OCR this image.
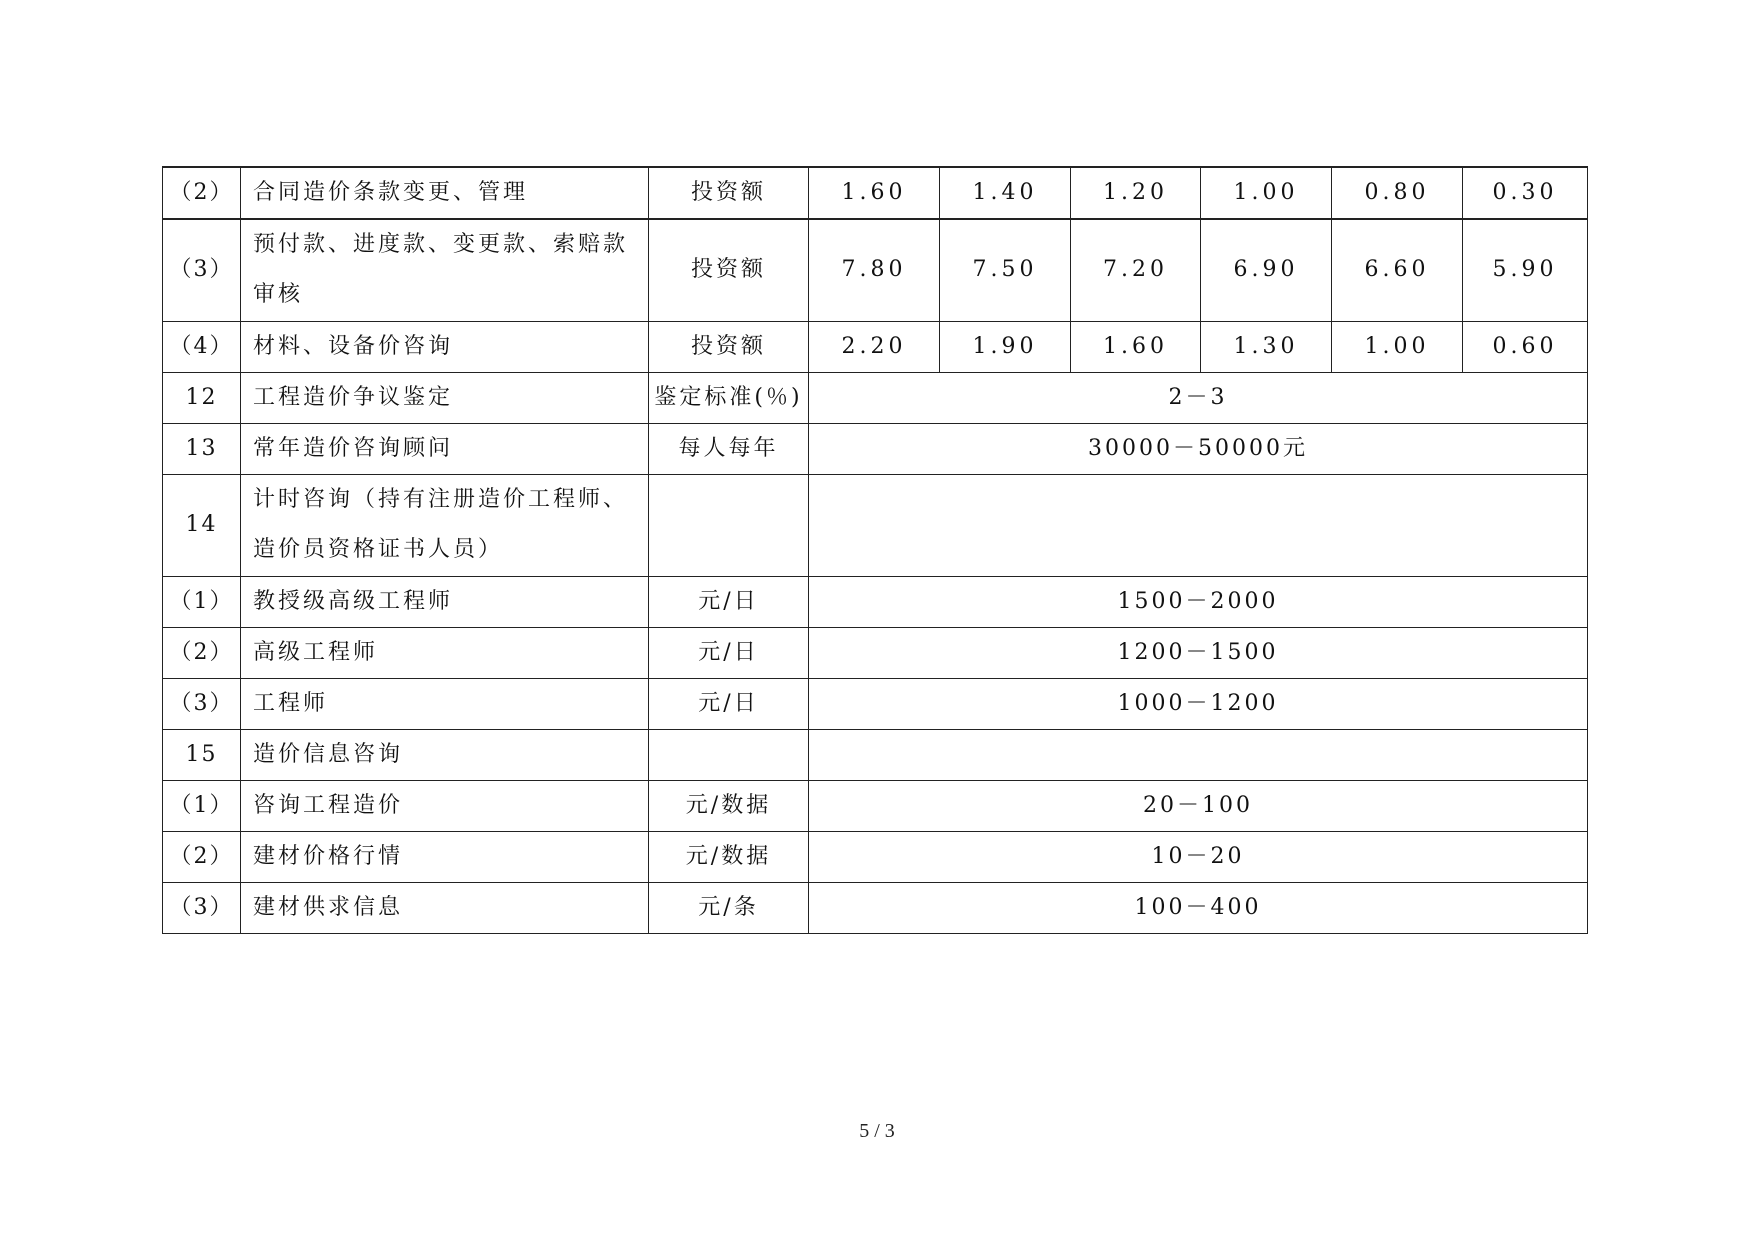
（2）	合同造价条款变更、管理	投资额	1.60	1.40	1.20	1.00	0.80	0.30
（3）	预付款、进度款、变更款、索赔款审核	投资额	7.80	7.50	7.20	6.90	6.60	5.90
（4）	材料、设备价咨询	投资额	2.20	1.90	1.60	1.30	1.00	0.60
12	工程造价争议鉴定	鉴定标准(％)	2－3					
13	常年造价咨询顾问	每人每年	30000－50000元					
14	计时咨询（持有注册造价工程师、造价员资格证书人员）							
（1）	教授级高级工程师	元/日	1500－2000					
（2）	高级工程师	元/日	1200－1500					
（3）	工程师	元/日	1000－1200					
15	造价信息咨询							
（1）	咨询工程造价	元/数据	20－100					
（2）	建材价格行情	元/数据	10－20					
（3）	建材供求信息	元/条	100－400					
5 / 3
